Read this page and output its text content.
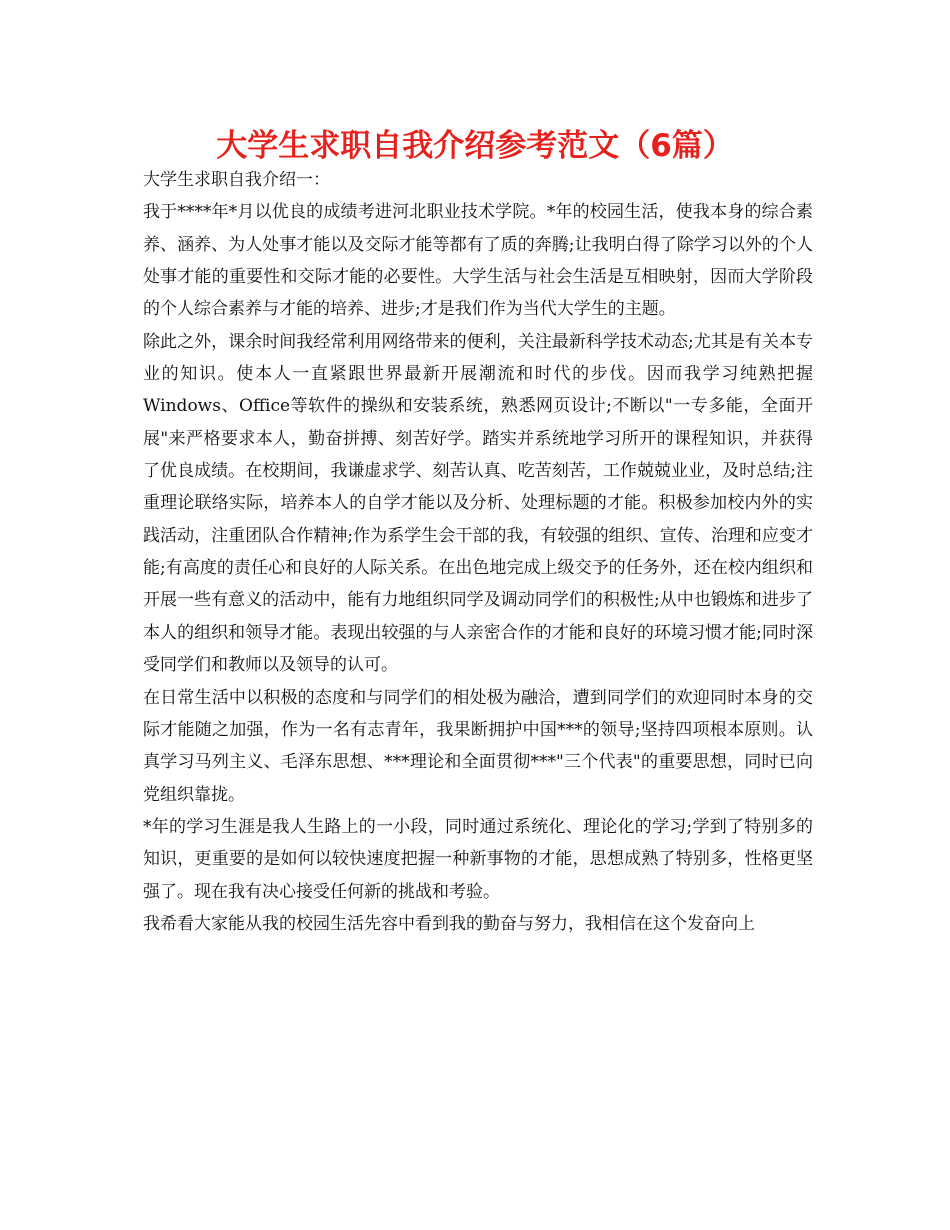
大学生求职自我介绍参考范文（6篇）

大学生求职自我介绍一：

我于****年*月以优良的成绩考进河北职业技术学院。*年的校园生活，使我本身的综合素养、涵养、为人处事才能以及交际才能等都有了质的奔腾;让我明白得了除学习以外的个人处事才能的重要性和交际才能的必要性。大学生活与社会生活是互相映射，因而大学阶段的个人综合素养与才能的培养、进步;才是我们作为当代大学生的主题。

除此之外，课余时间我经常利用网络带来的便利，关注最新科学技术动态;尤其是有关本专业的知识。使本人一直紧跟世界最新开展潮流和时代的步伐。因而我学习纯熟把握Windows、Office等软件的操纵和安装系统，熟悉网页设计;不断以"一专多能，全面开展"来严格要求本人，勤奋拼搏、刻苦好学。踏实并系统地学习所开的课程知识，并获得了优良成绩。在校期间，我谦虚求学、刻苦认真、吃苦刻苦，工作兢兢业业，及时总结;注重理论联络实际，培养本人的自学才能以及分析、处理标题的才能。积极参加校内外的实践活动，注重团队合作精神;作为系学生会干部的我，有较强的组织、宣传、治理和应变才能;有高度的责任心和良好的人际关系。在出色地完成上级交予的任务外，还在校内组织和开展一些有意义的活动中，能有力地组织同学及调动同学们的积极性;从中也锻炼和进步了本人的组织和领导才能。表现出较强的与人亲密合作的才能和良好的环境习惯才能;同时深受同学们和教师以及领导的认可。

在日常生活中以积极的态度和与同学们的相处极为融洽，遭到同学们的欢迎同时本身的交际才能随之加强，作为一名有志青年，我果断拥护中国***的领导;坚持四项根本原则。认真学习马列主义、毛泽东思想、***理论和全面贯彻***"三个代表"的重要思想，同时已向党组织靠拢。

*年的学习生涯是我人生路上的一小段，同时通过系统化、理论化的学习;学到了特别多的知识，更重要的是如何以较快速度把握一种新事物的才能，思想成熟了特别多，性格更坚强了。现在我有决心接受任何新的挑战和考验。

我希看大家能从我的校园生活先容中看到我的勤奋与努力，我相信在这个发奋向上
